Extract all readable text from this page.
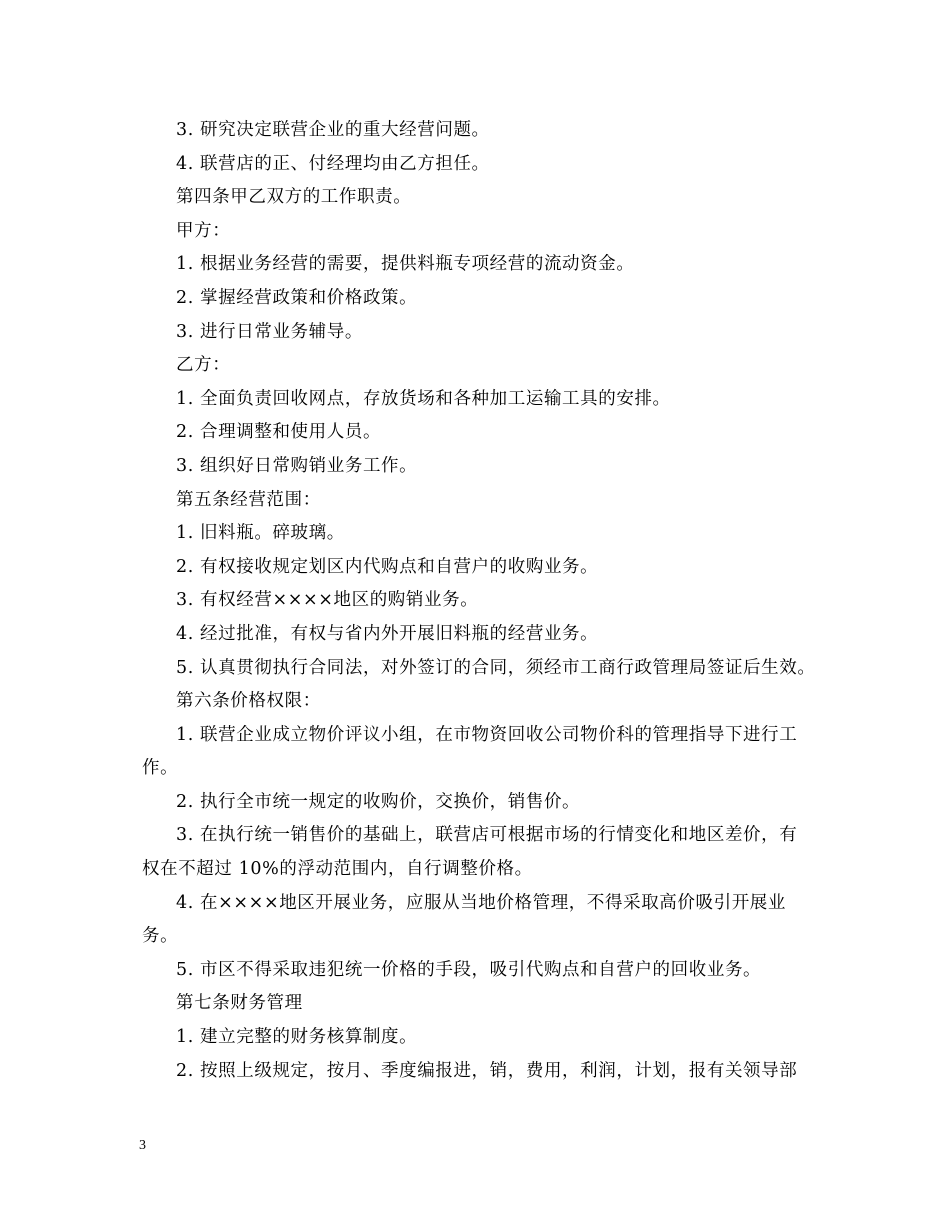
3. 研究决定联营企业的重大经营问题。
4. 联营店的正、付经理均由乙方担任。
第四条甲乙双方的工作职责。
甲方：
1. 根据业务经营的需要，提供料瓶专项经营的流动资金。
2. 掌握经营政策和价格政策。
3. 进行日常业务辅导。
乙方：
1. 全面负责回收网点，存放货场和各种加工运输工具的安排。
2. 合理调整和使用人员。
3. 组织好日常购销业务工作。
第五条经营范围：
1. 旧料瓶。碎玻璃。
2. 有权接收规定划区内代购点和自营户的收购业务。
3. 有权经营××××地区的购销业务。
4. 经过批准，有权与省内外开展旧料瓶的经营业务。
5. 认真贯彻执行合同法，对外签订的合同，须经市工商行政管理局签证后生效。
第六条价格权限：
1. 联营企业成立物价评议小组，在市物资回收公司物价科的管理指导下进行工
作。
2. 执行全市统一规定的收购价，交换价，销售价。
3. 在执行统一销售价的基础上，联营店可根据市场的行情变化和地区差价，有
权在不超过 10%的浮动范围内，自行调整价格。
4. 在××××地区开展业务，应服从当地价格管理，不得采取高价吸引开展业
务。
5. 市区不得采取违犯统一价格的手段，吸引代购点和自营户的回收业务。
第七条财务管理
1. 建立完整的财务核算制度。
2. 按照上级规定，按月、季度编报进，销，费用，利润，计划，报有关领导部
3
